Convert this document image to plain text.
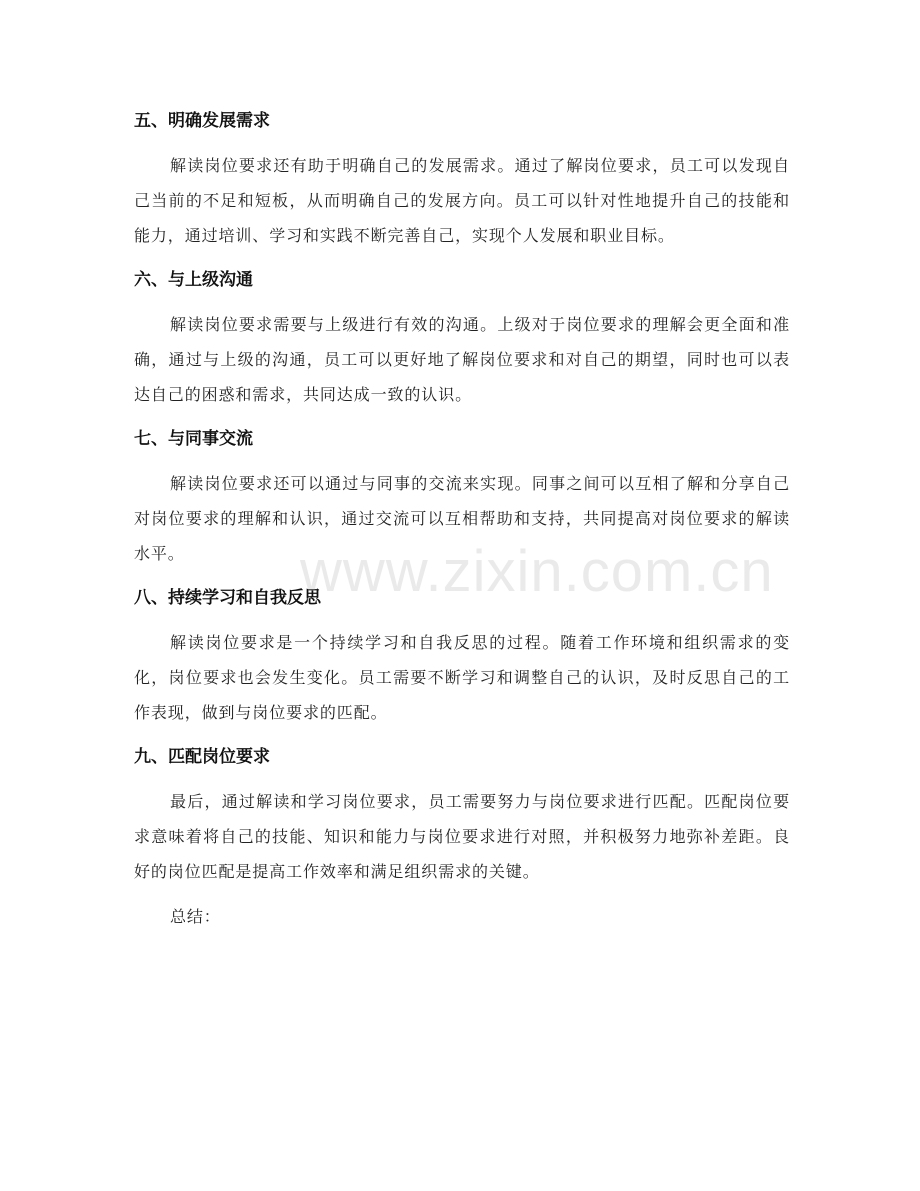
五、明确发展需求

解读岗位要求还有助于明确自己的发展需求。通过了解岗位要求，员工可以发现自己当前的不足和短板，从而明确自己的发展方向。员工可以针对性地提升自己的技能和能力，通过培训、学习和实践不断完善自己，实现个人发展和职业目标。

六、与上级沟通

解读岗位要求需要与上级进行有效的沟通。上级对于岗位要求的理解会更全面和准确，通过与上级的沟通，员工可以更好地了解岗位要求和对自己的期望，同时也可以表达自己的困惑和需求，共同达成一致的认识。

七、与同事交流

解读岗位要求还可以通过与同事的交流来实现。同事之间可以互相了解和分享自己对岗位要求的理解和认识，通过交流可以互相帮助和支持，共同提高对岗位要求的解读水平。

八、持续学习和自我反思

解读岗位要求是一个持续学习和自我反思的过程。随着工作环境和组织需求的变化，岗位要求也会发生变化。员工需要不断学习和调整自己的认识，及时反思自己的工作表现，做到与岗位要求的匹配。

九、匹配岗位要求

最后，通过解读和学习岗位要求，员工需要努力与岗位要求进行匹配。匹配岗位要求意味着将自己的技能、知识和能力与岗位要求进行对照，并积极努力地弥补差距。良好的岗位匹配是提高工作效率和满足组织需求的关键。

总结：

www.zixin.com.cn
